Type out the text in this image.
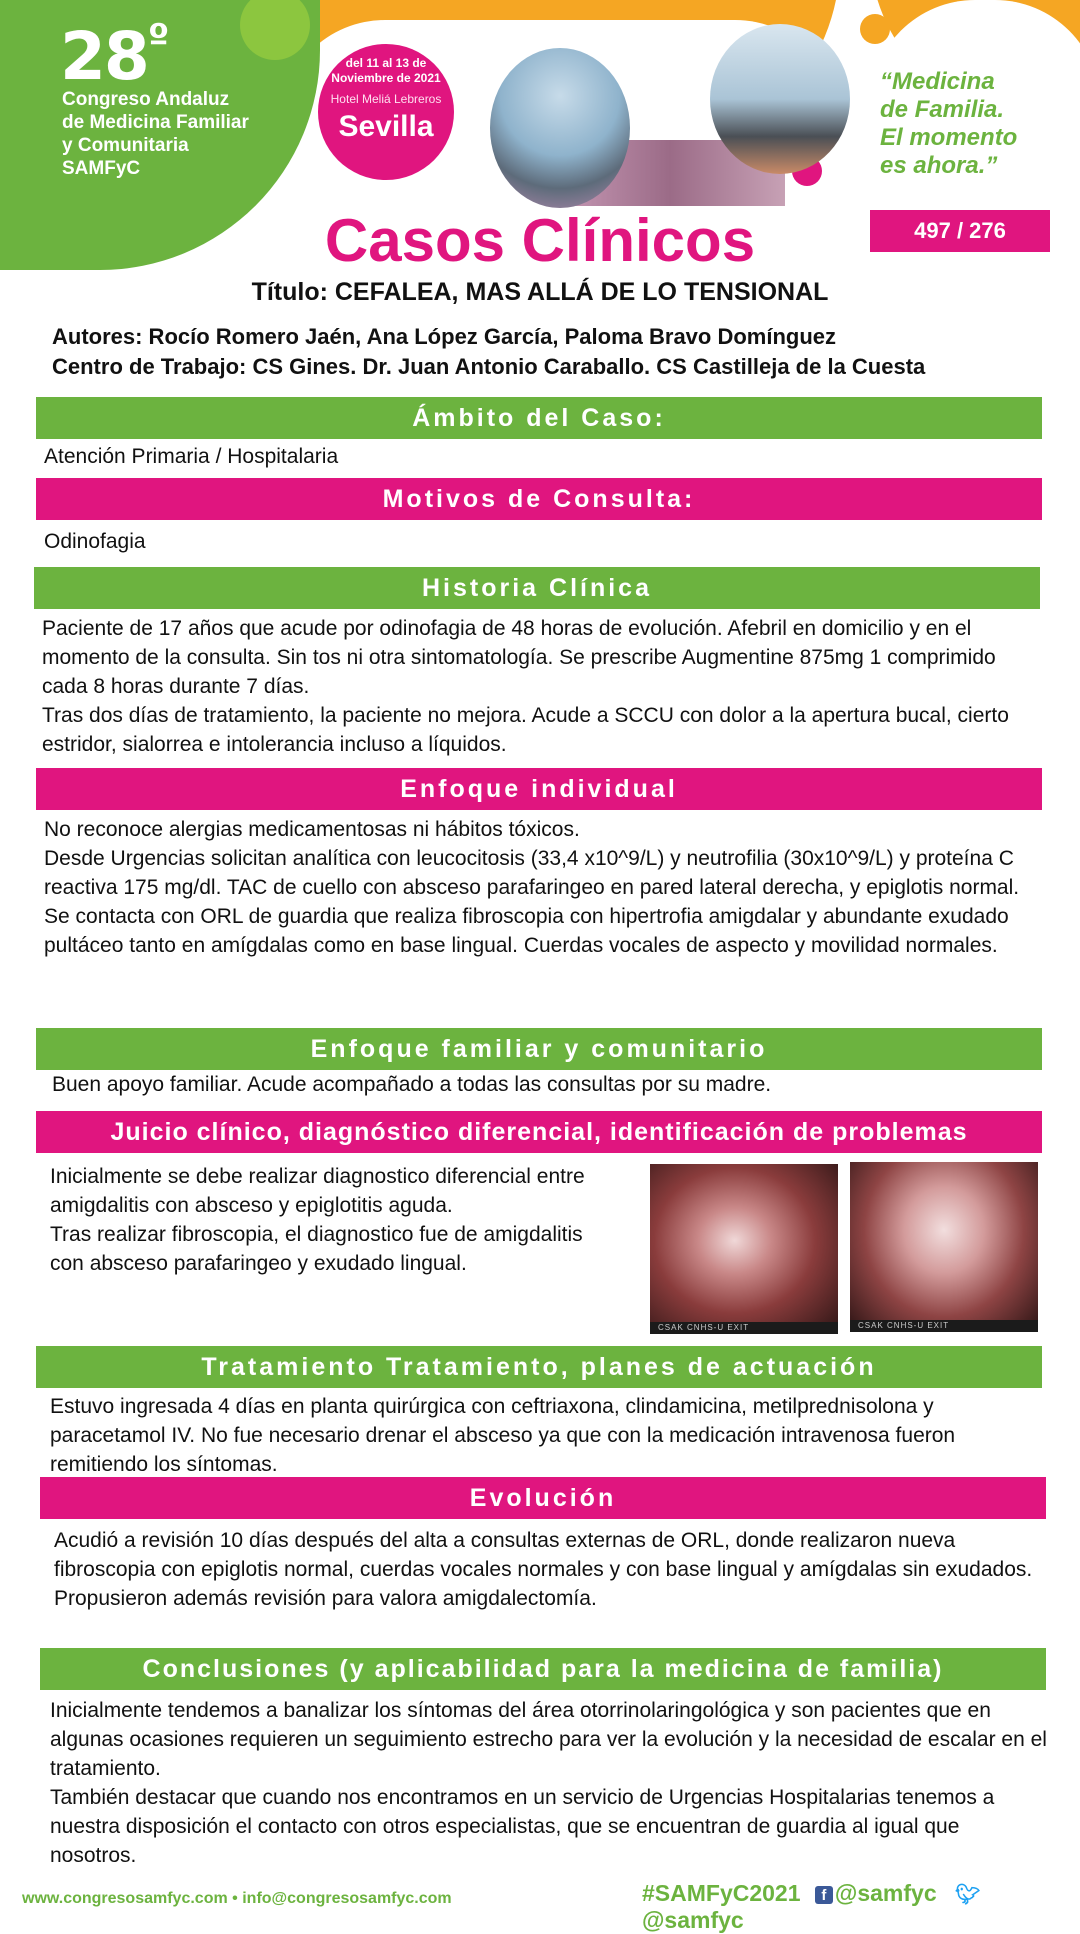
$28^º$
Congreso Andaluz
de Medicina Familiar
y Comunitaria
SAMFyC
del 11 al 13 de
Noviembre de 2021
Hotel Meliá Lebreros
Sevilla
“Medicina
de Familia.
El momento
es ahora.”
Casos Clínicos	497 / 276
Título: CEFALEA, MAS ALLÁ DE LO TENSIONAL
Autores: Rocío Romero Jaén, Ana López García, Paloma Bravo Domínguez
Centro de Trabajo: CS Gines. Dr. Juan Antonio Caraballo. CS Castilleja de la Cuesta
Ámbito del Caso:

Atención Primaria / Hospitalaria

Motivos de Consulta:

Odinofagia

Historia Clínica

Paciente de 17 años que acude por odinofagia de 48 horas de evolución. Afebril en domicilio y en el momento de la consulta. Sin tos ni otra sintomatología. Se prescribe Augmentine 875mg 1 comprimido cada 8 horas durante 7 días.

Tras dos días de tratamiento, la paciente no mejora. Acude a SCCU con dolor a la apertura bucal, cierto estridor, sialorrea e intolerancia incluso a líquidos.

Enfoque individual

No reconoce alergias medicamentosas ni hábitos tóxicos.

Desde Urgencias solicitan analítica con leucocitosis (33,4 x10^9/L) y neutrofilia (30x10^9/L) y proteína C reactiva 175 mg/dl. TAC de cuello con absceso parafaringeo en pared lateral derecha, y epiglotis normal.

Se contacta con ORL de guardia que realiza fibroscopia con hipertrofia amigdalar y abundante exudado pultáceo tanto en amígdalas como en base lingual. Cuerdas vocales de aspecto y movilidad normales.

Enfoque familiar y comunitario

Buen apoyo familiar. Acude acompañado a todas las consultas por su madre.

Juicio clínico, diagnóstico diferencial, identificación de problemas

Inicialmente se debe realizar diagnostico diferencial entre amigdalitis con absceso y epiglotitis aguda.

Tras realizar fibroscopia, el diagnostico fue de amigdalitis con absceso parafaringeo y exudado lingual.

CSAK CNHS-U EXIT	CSAK CNHS-U EXIT
Tratamiento Tratamiento, planes de actuación

Estuvo ingresada 4 días en planta quirúrgica con ceftriaxona, clindamicina, metilprednisolona y paracetamol IV. No fue necesario drenar el absceso ya que con la medicación intravenosa fueron remitiendo los síntomas.

Evolución

Acudió a revisión 10 días después del alta a consultas externas de ORL, donde realizaron nueva fibroscopia con epiglotis normal, cuerdas vocales normales y con base lingual y amígdalas sin exudados.

Propusieron además revisión para valora amigdalectomía.

Conclusiones (y aplicabilidad para la medicina de familia)

Inicialmente tendemos a banalizar los síntomas del área otorrinolaringológica y son pacientes que en algunas ocasiones requieren un seguimiento estrecho para ver la evolución y la necesidad de escalar en el tratamiento.

También destacar que cuando nos encontramos en un servicio de Urgencias Hospitalarias tenemos a nuestra disposición el contacto con otros especialistas, que se encuentran de guardia al igual que nosotros.

www.congresosamfyc.com • info@congresosamfyc.com	#SAMFyC2021 f @samfyc 🐦︎@samfyc
